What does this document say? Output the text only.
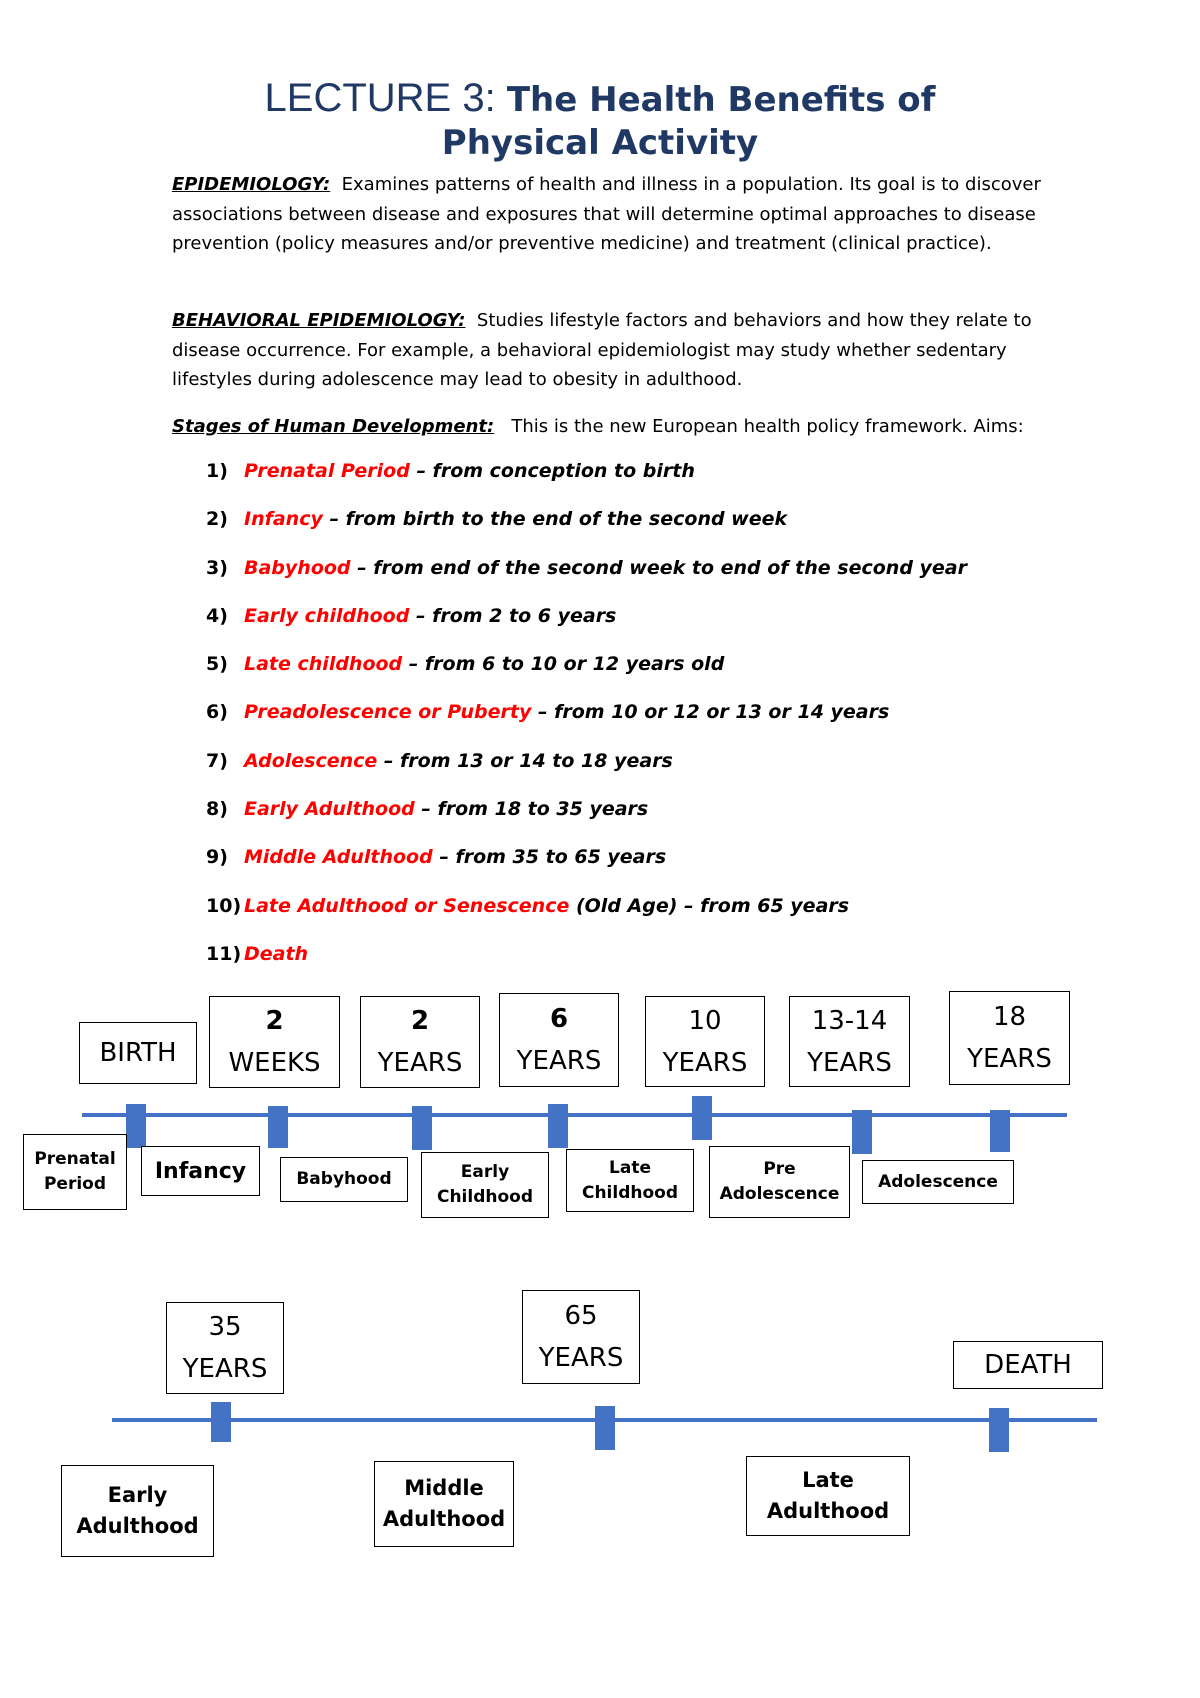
LECTURE 3: The Health Benefits of
Physical Activity
EPIDEMIOLOGY: Examines patterns of health and illness in a population. Its goal is to discover associations between disease and exposures that will determine optimal approaches to disease prevention (policy measures and/or preventive medicine) and treatment (clinical practice).
BEHAVIORAL EPIDEMIOLOGY: Studies lifestyle factors and behaviors and how they relate to disease occurrence. For example, a behavioral epidemiologist may study whether sedentary lifestyles during adolescence may lead to obesity in adulthood.
Stages of Human Development: This is the new European health policy framework. Aims:
1) Prenatal Period – from conception to birth
2) Infancy – from birth to the end of the second week
3) Babyhood – from end of the second week to end of the second year
4) Early childhood – from 2 to 6 years
5) Late childhood – from 6 to 10 or 12 years old
6) Preadolescence or Puberty – from 10 or 12 or 13 or 14 years
7) Adolescence – from 13 or 14 to 18 years
8) Early Adulthood – from 18 to 35 years
9) Middle Adulthood – from 35 to 65 years
10) Late Adulthood or Senescence (Old Age) – from 65 years
11) Death
BIRTH
2
WEEKS
2
YEARS
6
YEARS
10
YEARS
13-14
YEARS
18
YEARS
Prenatal
Period
Infancy	Babyhood	Early
Childhood
Late
Childhood
Pre
Adolescence
Adolescence
35
YEARS
65
YEARS	DEATH
Early
Adulthood
Middle
Adulthood
Late
Adulthood
